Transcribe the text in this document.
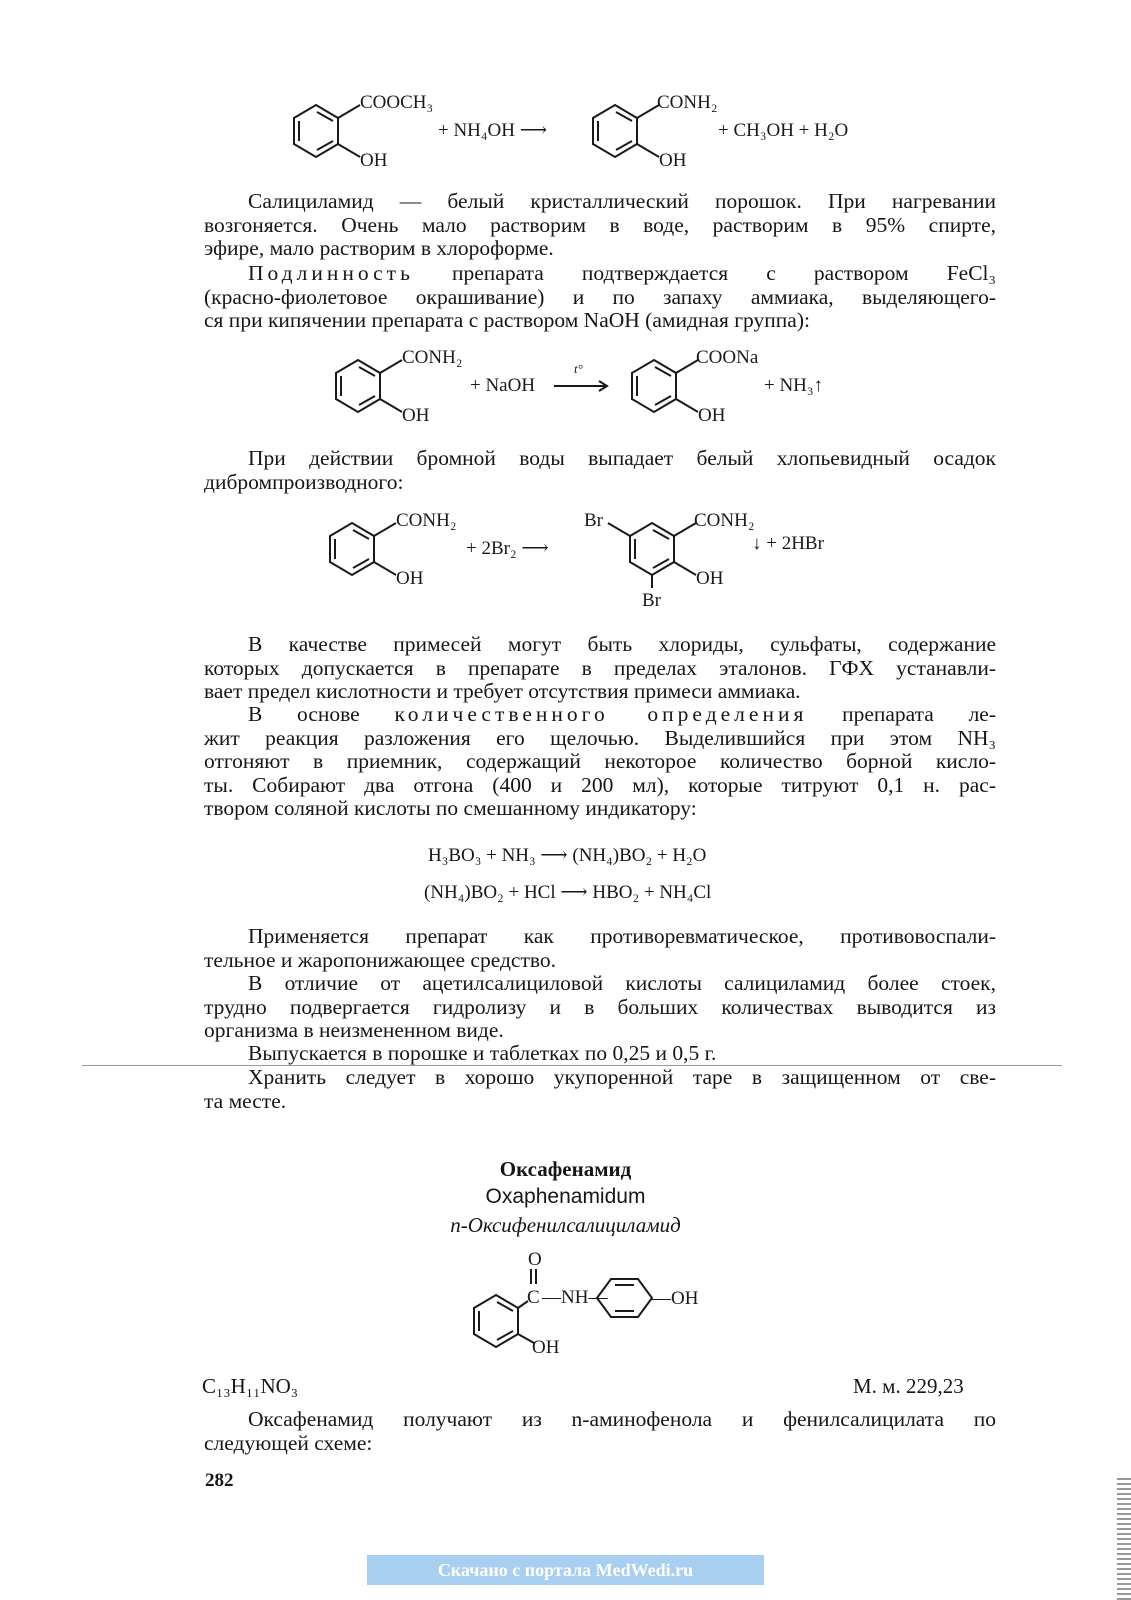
COOCH₃
OH
+ NH₄OH ⟶
CONH₂
OH
+ CH₃OH + H₂O
Салициламид — белый кристаллический порошок. При нагревании
возгоняется. Очень мало растворим в воде, растворим в 95% спирте,
эфире, мало растворим в хлороформе.
Подлинность препарата подтверждается с раствором FeCl₃
(красно-фиолетовое окрашивание) и по запаху аммиака, выделяющего-
ся при кипячении препарата с раствором NaOH (амидная группа):
CONH₂
OH
+ NaOH
t°
COONa
OH
+ NH₃↑
При действии бромной воды выпадает белый хлопьевидный осадок
дибромпроизводного:
CONH₂
OH
+ 2Br₂ ⟶
Br	CONH₂
OH
Br
↓ + 2HBr
В качестве примесей могут быть хлориды, сульфаты, содержание
которых допускается в препарате в пределах эталонов. ГФХ устанавли-
вает предел кислотности и требует отсутствия примеси аммиака.
В основе количественного определения препарата ле-
жит реакция разложения его щелочью. Выделившийся при этом NH₃
отгоняют в приемник, содержащий некоторое количество борной кисло-
ты. Собирают два отгона (400 и 200 мл), которые титруют 0,1 н. рас-
твором соляной кислоты по смешанному индикатору:
H₃BO₃ + NH₃ ⟶ (NH₄)BO₂ + H₂O
(NH₄)BO₂ + HCl ⟶ HBO₂ + NH₄Cl
Применяется препарат как противоревматическое, противовоспали-
тельное и жаропонижающее средство.
В отличие от ацетилсалициловой кислоты салициламид более стоек,
трудно подвергается гидролизу и в больших количествах выводится из
организма в неизмененном виде.
Выпускается в порошке и таблетках по 0,25 и 0,5 г.
Хранить следует в хорошо укупоренной таре в защищенном от све-
та месте.
Оксафенамид
Oxaphenamidum
n-Оксифенилсалициламид
O
C —NH—
OH
—OH
C₁₃H₁₁NO₃	М. м. 229,23
Оксафенамид получают из n-аминофенола и фенилсалицилата по
следующей схеме:
282
Скачано с портала MedWedi.ru
